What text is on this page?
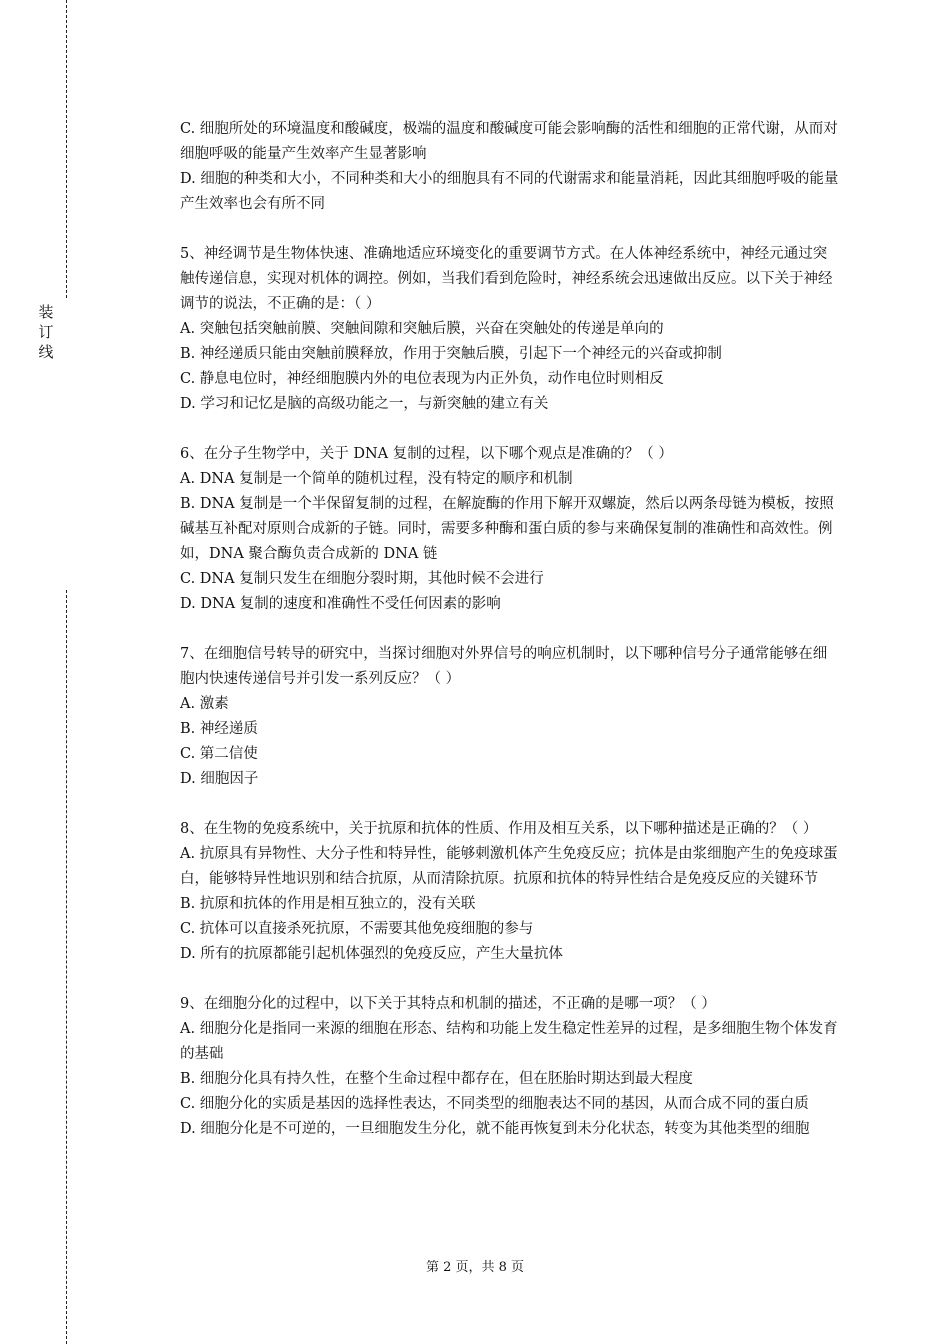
装
订
线

C. 细胞所处的环境温度和酸碱度，极端的温度和酸碱度可能会影响酶的活性和细胞的正常代谢，从而对细胞呼吸的能量产生效率产生显著影响

D. 细胞的种类和大小，不同种类和大小的细胞具有不同的代谢需求和能量消耗，因此其细胞呼吸的能量产生效率也会有所不同

5、神经调节是生物体快速、准确地适应环境变化的重要调节方式。在人体神经系统中，神经元通过突触传递信息，实现对机体的调控。例如，当我们看到危险时，神经系统会迅速做出反应。以下关于神经调节的说法，不正确的是：（ ）

A. 突触包括突触前膜、突触间隙和突触后膜，兴奋在突触处的传递是单向的

B. 神经递质只能由突触前膜释放，作用于突触后膜，引起下一个神经元的兴奋或抑制

C. 静息电位时，神经细胞膜内外的电位表现为内正外负，动作电位时则相反

D. 学习和记忆是脑的高级功能之一，与新突触的建立有关

6、在分子生物学中，关于 DNA 复制的过程，以下哪个观点是准确的？（ ）

A. DNA 复制是一个简单的随机过程，没有特定的顺序和机制

B. DNA 复制是一个半保留复制的过程，在解旋酶的作用下解开双螺旋，然后以两条母链为模板，按照碱基互补配对原则合成新的子链。同时，需要多种酶和蛋白质的参与来确保复制的准确性和高效性。例如，DNA 聚合酶负责合成新的 DNA 链

C. DNA 复制只发生在细胞分裂时期，其他时候不会进行

D. DNA 复制的速度和准确性不受任何因素的影响

7、在细胞信号转导的研究中，当探讨细胞对外界信号的响应机制时，以下哪种信号分子通常能够在细胞内快速传递信号并引发一系列反应？（ ）

A. 激素

B. 神经递质

C. 第二信使

D. 细胞因子

8、在生物的免疫系统中，关于抗原和抗体的性质、作用及相互关系，以下哪种描述是正确的？（ ）

A. 抗原具有异物性、大分子性和特异性，能够刺激机体产生免疫反应；抗体是由浆细胞产生的免疫球蛋白，能够特异性地识别和结合抗原，从而清除抗原。抗原和抗体的特异性结合是免疫反应的关键环节

B. 抗原和抗体的作用是相互独立的，没有关联

C. 抗体可以直接杀死抗原，不需要其他免疫细胞的参与

D. 所有的抗原都能引起机体强烈的免疫反应，产生大量抗体

9、在细胞分化的过程中，以下关于其特点和机制的描述，不正确的是哪一项？（ ）

A. 细胞分化是指同一来源的细胞在形态、结构和功能上发生稳定性差异的过程，是多细胞生物个体发育的基础

B. 细胞分化具有持久性，在整个生命过程中都存在，但在胚胎时期达到最大程度

C. 细胞分化的实质是基因的选择性表达，不同类型的细胞表达不同的基因，从而合成不同的蛋白质

D. 细胞分化是不可逆的，一旦细胞发生分化，就不能再恢复到未分化状态，转变为其他类型的细胞

第 2 页，共 8 页
